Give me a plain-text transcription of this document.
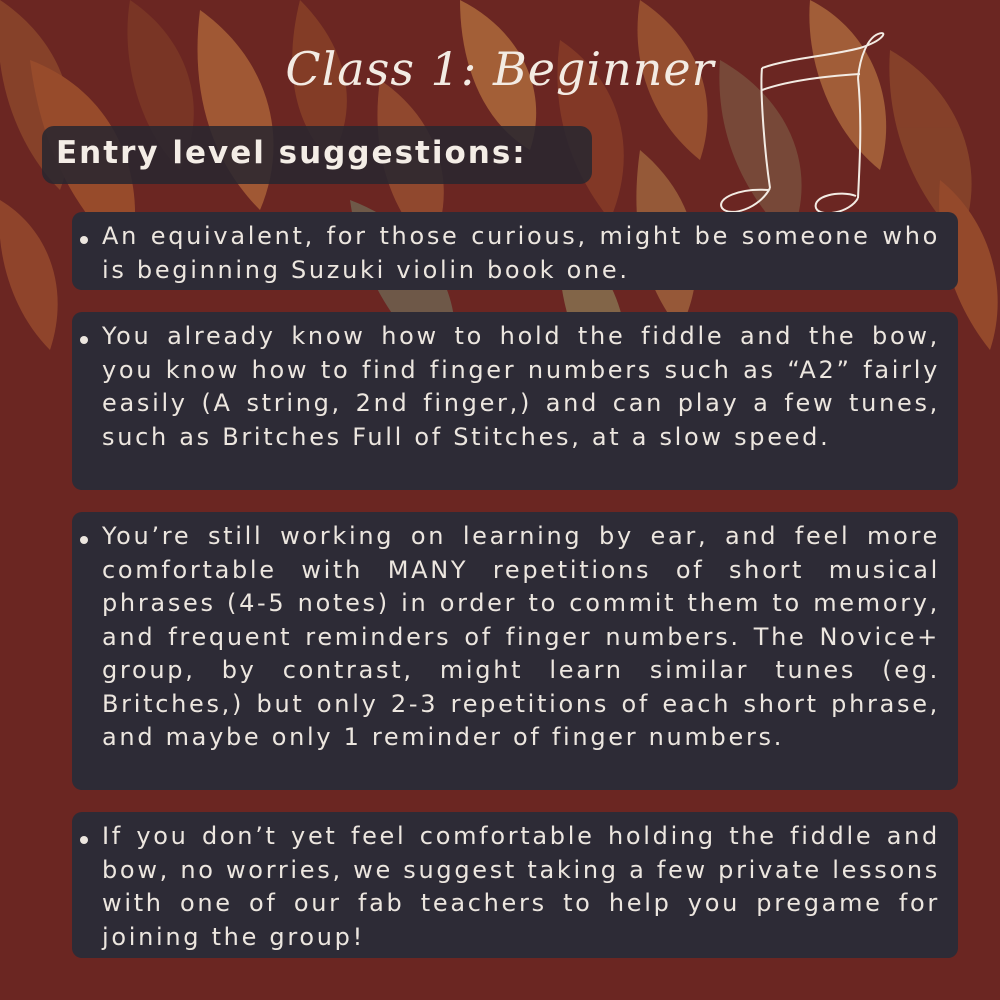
Class 1: Beginner
Entry level suggestions:
An equivalent, for those curious, might be someone who is beginning Suzuki violin book one.
You already know how to hold the fiddle and the bow, you know how to find finger numbers such as “A2” fairly easily (A string, 2nd finger,) and can play a few tunes, such as Britches Full of Stitches, at a slow speed.
You’re still working on learning by ear, and feel more comfortable with MANY repetitions of short musical phrases (4-5 notes) in order to commit them to memory, and frequent reminders of finger numbers. The Novice+ group, by contrast, might learn similar tunes (eg. Britches,) but only 2-3 repetitions of each short phrase, and maybe only 1 reminder of finger numbers.
If you don’t yet feel comfortable holding the fiddle and bow, no worries, we suggest taking a few private lessons with one of our fab teachers to help you pregame for joining the group!
